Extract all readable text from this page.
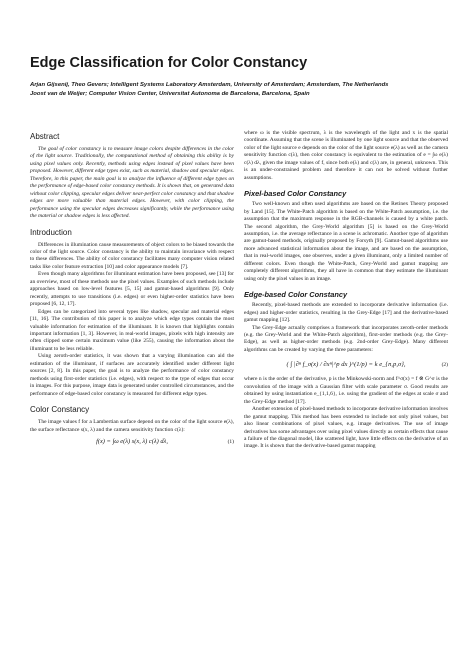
Edge Classification for Color Constancy
Arjan Gijsenij, Theo Gevers; Intelligent Systems Laboratory Amsterdam, University of Amsterdam; Amsterdam, The Netherlands
Joost van de Weijer; Computer Vision Center, Universitat Autonoma de Barcelona, Barcelona, Spain
Abstract

The goal of color constancy is to measure image colors despite differences in the color of the light source. Traditionally, the computational method of obtaining this ability is by using pixel values only. Recently, methods using edges instead of pixel values have been proposed. However, different edge types exist, such as material, shadow and specular edges. Therefore, in this paper, the main goal is to analyze the influence of different edge types on the performance of edge-based color constancy methods. It is shown that, on generated data without color clipping, specular edges deliver near-perfect color constancy and that shadow edges are more valuable than material edges. However, with color clipping, the performance using the specular edges decreases significantly, while the performance using the material or shadow edges is less affected.

Introduction

Differences in illumination cause measurements of object colors to be biased towards the color of the light source. Color constancy is the ability to maintain invariance with respect to these differences. The ability of color constancy facilitates many computer vision related tasks like color feature extraction [10] and color appearance models [7].

Even though many algorithms for illuminant estimation have been proposed, see [13] for an overview, most of these methods use the pixel values. Examples of such methods include approaches based on low-level features [5, 15] and gamut-based algorithms [9]. Only recently, attempts to use transitions (i.e. edges) or even higher-order statistics have been proposed [6, 12, 17].

Edges can be categorized into several types like shadow, specular and material edges [11, 16]. The contribution of this paper is to analyze which edge types contain the most valuable information for estimation of the illuminant. It is known that highlights contain important information [1, 3]. However, in real-world images, pixels with high intensity are often clipped some certain maximum value (like 255), causing the information about the illuminant to be less reliable.

Using zeroth-order statistics, it was shown that a varying illumination can aid the estimation of the illuminant, if surfaces are accurately identified under different light sources [2, 8]. In this paper, the goal is to analyze the performance of color constancy methods using first-order statistics (i.e. edges), with respect to the type of edges that occur in images. For this purpose, image data is generated under controlled circumstances, and the performance of edge-based color constancy is measured for different edge types.

Color Constancy

The image values f for a Lambertian surface depend on the color of the light source e(λ), the surface reflectance s(x, λ) and the camera sensitivity function c(λ):

f(x) = ∫ω e(λ) s(x, λ) c(λ) dλ,	(1)

where ω is the visible spectrum, λ is the wavelength of the light and x is the spatial coordinate. Assuming that the scene is illuminated by one light source and that the observed color of the light source e depends on the color of the light source e(λ) as well as the camera sensitivity function c(λ), then color constancy is equivalent to the estimation of e = ∫ω e(λ) c(λ) dλ, given the image values of f, since both e(λ) and c(λ) are, in general, unknown. This is an under-constrained problem and therefore it can not be solved without further assumptions.

Pixel-based Color Constancy

Two well-known and often used algorithms are based on the Retinex Theory proposed by Land [15]. The White-Patch algorithm is based on the White-Patch assumption, i.e. the assumption that the maximum response in the RGB-channels is caused by a white patch. The second algorithm, the Grey-World algorithm [5] is based on the Grey-World assumption, i.e. the average reflectance in a scene is achromatic. Another type of algorithm are gamut-based methods, originally proposed by Forsyth [9]. Gamut-based algorithms use more advanced statistical information about the image, and are based on the assumption, that in real-world images, one observes, under a given illuminant, only a limited number of different colors. Even though the White-Patch, Grey-World and gamut mapping are completely different algorithms, they all have in common that they estimate the illuminant using only the pixel values in an image.

Edge-based Color Constancy

Recently, pixel-based methods are extended to incorporate derivative information (i.e. edges) and higher-order statistics, resulting in the Grey-Edge [17] and the derivative-based gamut mapping [12].

The Grey-Edge actually comprises a framework that incorporates zeroth-order methods (e.g. the Grey-World and the White-Patch algorithm), first-order methods (e.g. the Grey-Edge), as well as higher-order methods (e.g. 2nd-order Grey-Edge). Many different algorithms can be created by varying the three parameters:

( ∫ |∂ⁿ f_σ(x) / ∂xⁿ|^p dx )^(1/p) = k e_{n,p,σ},	(2)

where n is the order of the derivative, p is the Minkowski-norm and f^σ(x) = f ⊗ G^σ is the convolution of the image with a Gaussian filter with scale parameter σ. Good results are obtained by using instantiation e_{1,1,6}, i.e. using the gradient of the edges at scale σ and the Grey-Edge method [17].

Another extension of pixel-based methods to incorporate derivative information involves the gamut mapping. This method has been extended to include not only pixel values, but also linear combinations of pixel values, e.g. image derivatives. The use of image derivatives has some advantages over using pixel values directly as certain effects that cause a failure of the diagonal model, like scattered light, have little effects on the derivative of an image. It is shown that the derivative-based gamut mapping
